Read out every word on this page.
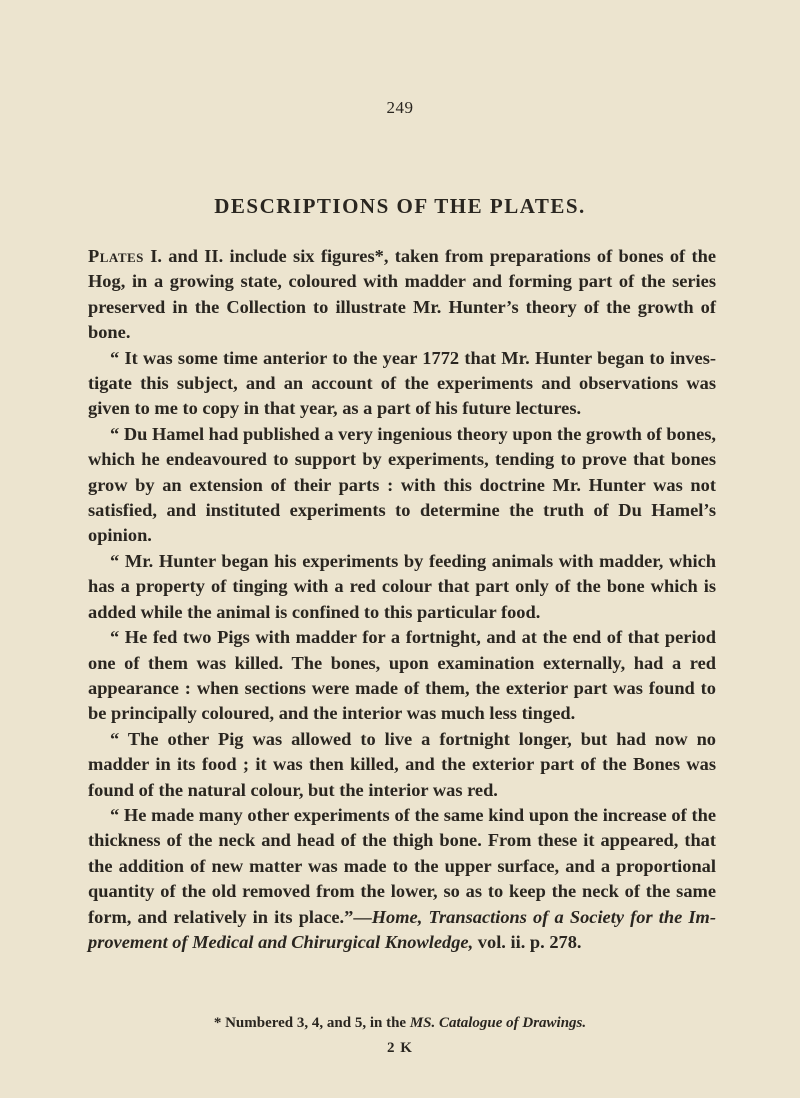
249
DESCRIPTIONS OF THE PLATES.

Plates I. and II. include six figures*, taken from preparations of bones of the Hog, in a growing state, coloured with madder and forming part of the series preserved in the Collection to illustrate Mr. Hunter’s theory of the growth of bone.

“ It was some time anterior to the year 1772 that Mr. Hunter began to inves-tigate this subject, and an account of the experiments and observations was given to me to copy in that year, as a part of his future lectures.

“ Du Hamel had published a very ingenious theory upon the growth of bones, which he endeavoured to support by experiments, tending to prove that bones grow by an extension of their parts : with this doctrine Mr. Hunter was not satisfied, and instituted experiments to determine the truth of Du Hamel’s opinion.

“ Mr. Hunter began his experiments by feeding animals with madder, which has a property of tinging with a red colour that part only of the bone which is added while the animal is confined to this particular food.

“ He fed two Pigs with madder for a fortnight, and at the end of that period one of them was killed. The bones, upon examination externally, had a red appearance : when sections were made of them, the exterior part was found to be principally coloured, and the interior was much less tinged.

“ The other Pig was allowed to live a fortnight longer, but had now no madder in its food ; it was then killed, and the exterior part of the Bones was found of the natural colour, but the interior was red.

“ He made many other experiments of the same kind upon the increase of the thickness of the neck and head of the thigh bone. From these it appeared, that the addition of new matter was made to the upper surface, and a proportional quantity of the old removed from the lower, so as to keep the neck of the same form, and relatively in its place.”—Home, Transactions of a Society for the Im-provement of Medical and Chirurgical Knowledge, vol. ii. p. 278.

* Numbered 3, 4, and 5, in the MS. Catalogue of Drawings.
2 K
